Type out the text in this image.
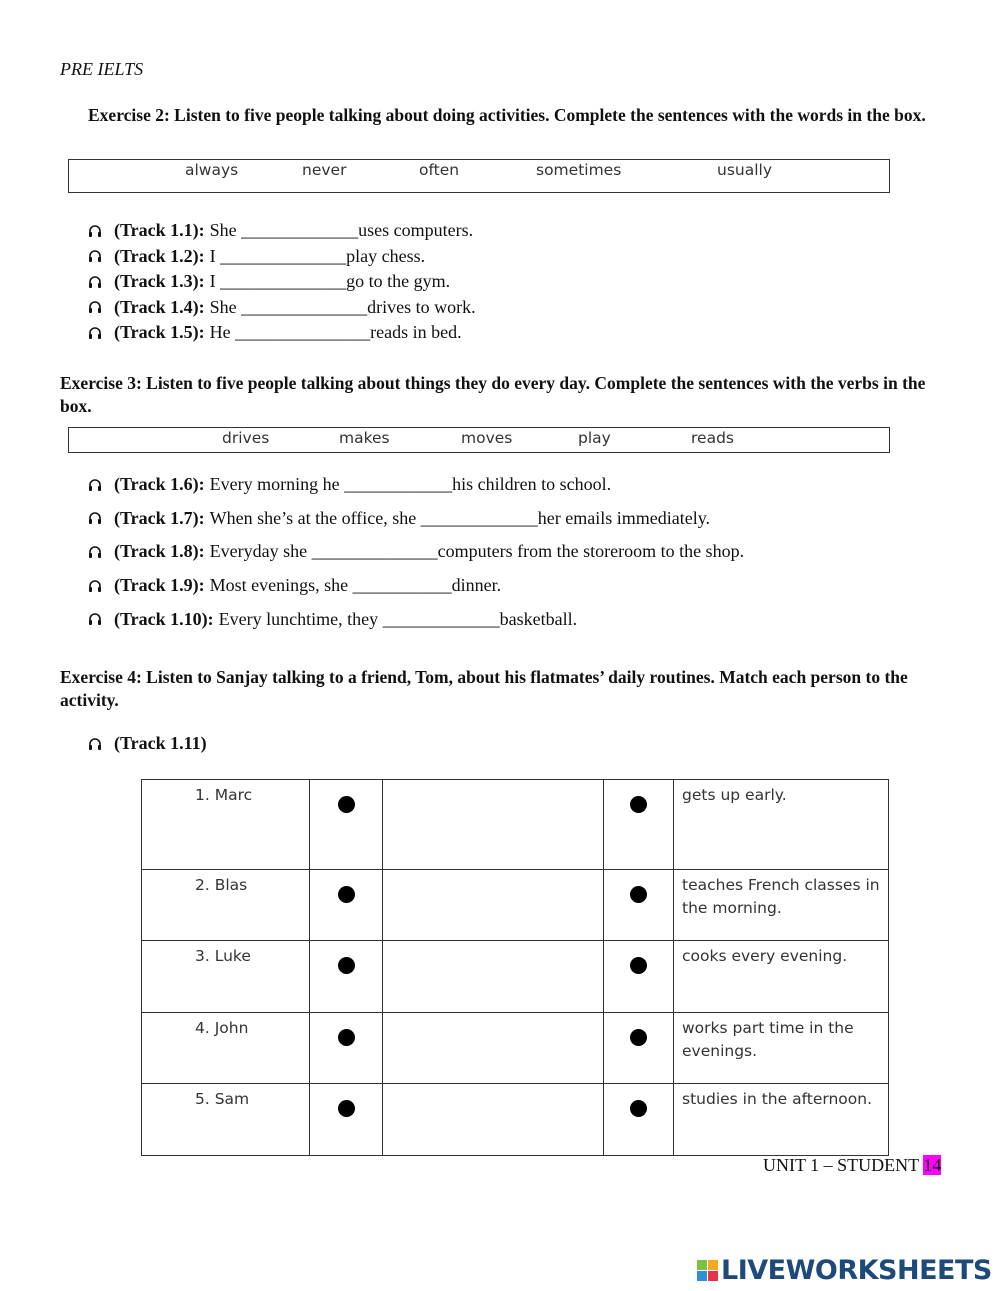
PRE IELTS
Exercise 2: Listen to five people talking about doing activities. Complete the sentences with the words in the box.
always	never	often	sometimes	usually
(Track 1.1): She
_____________ uses computers.
(Track 1.2): I
______________ play chess.
(Track 1.3): I
______________ go to the gym.
(Track 1.4): She
______________ drives to work.
(Track 1.5): He
_______________ reads in bed.
Exercise 3: Listen to five people talking about things they do every day. Complete the sentences with the verbs in the box.
drives	makes	moves	play	reads
(Track 1.6): Every morning he
____________ his children to school.
(Track 1.7): When she’s at the office, she
_____________ her emails immediately.
(Track 1.8): Everyday she
______________ computers from the storeroom to the shop.
(Track 1.9): Most evenings, she
___________ dinner.
(Track 1.10): Every lunchtime, they
_____________ basketball.
Exercise 4: Listen to Sanjay talking to a friend, Tom, about his flatmates’ daily routines. Match each person to the activity.
(Track 1.11)
1. Marc				gets up early.
2. Blas				teaches French classes in the morning.
3. Luke				cooks every evening.
4. John				works part time in the evenings.
5. Sam				studies in the afternoon.
UNIT 1 – STUDENT 14
LIVEWORKSHEETS
